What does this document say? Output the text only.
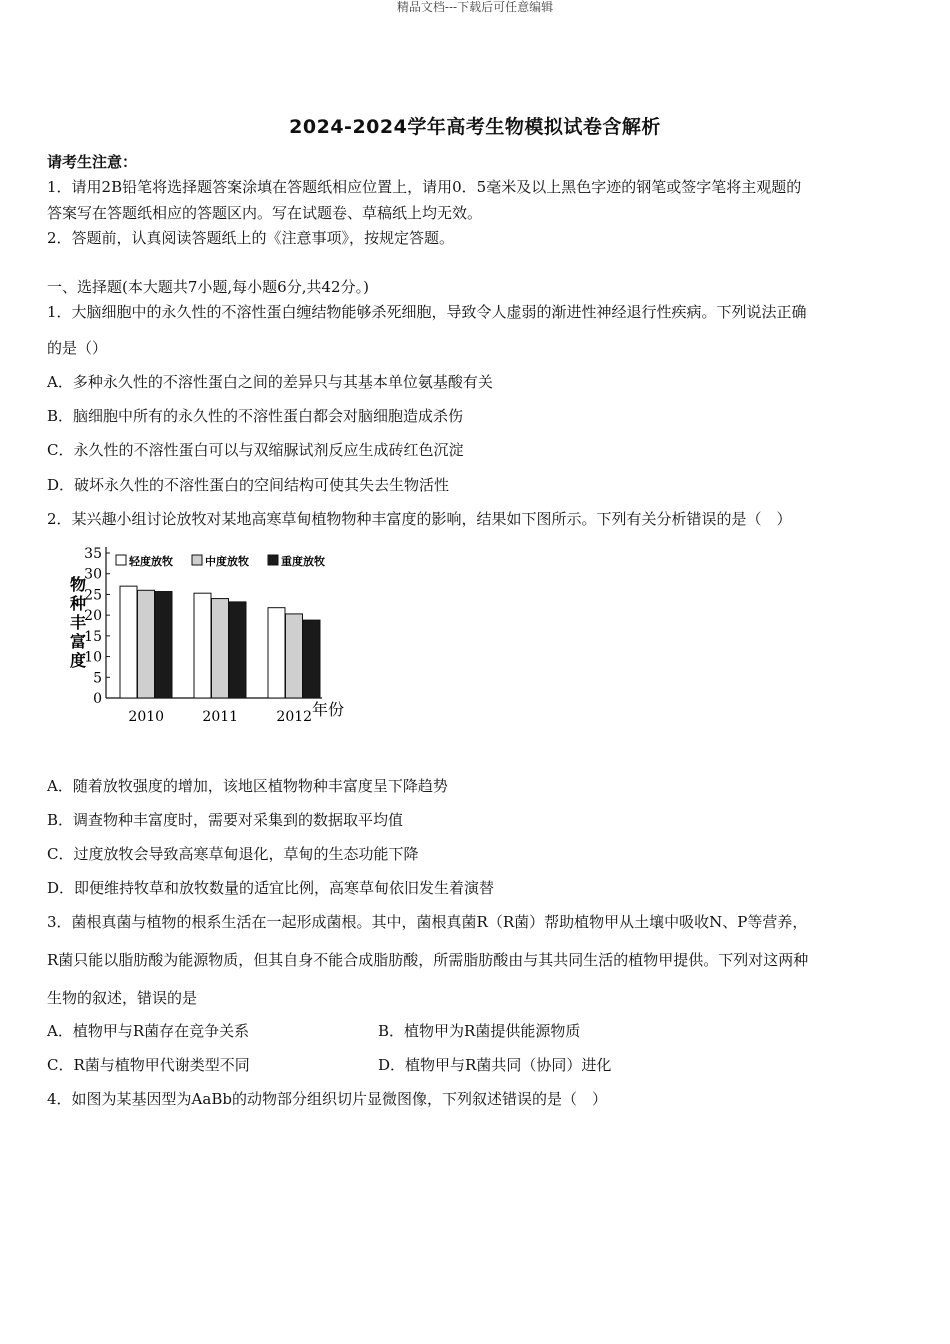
精品文档---下载后可任意编辑
2024-2024学年高考生物模拟试卷含解析
请考生注意：
1．请用2B铅笔将选择题答案涂填在答题纸相应位置上，请用0．5毫米及以上黑色字迹的钢笔或签字笔将主观题的
答案写在答题纸相应的答题区内。写在试题卷、草稿纸上均无效。
2．答题前，认真阅读答题纸上的《注意事项》，按规定答题。
一、选择题(本大题共7小题,每小题6分,共42分。)
1．大脑细胞中的永久性的不溶性蛋白缠结物能够杀死细胞，导致令人虚弱的渐进性神经退行性疾病。下列说法正确
的是（）
A．多种永久性的不溶性蛋白之间的差异只与其基本单位氨基酸有关
B．脑细胞中所有的永久性的不溶性蛋白都会对脑细胞造成杀伤
C．永久性的不溶性蛋白可以与双缩脲试剂反应生成砖红色沉淀
D．破坏永久性的不溶性蛋白的空间结构可使其失去生物活性
2．某兴趣小组讨论放牧对某地高寒草甸植物物种丰富度的影响，结果如下图所示。下列有关分析错误的是（　）
物种丰富度
0
5
10
15
20
25
30
35
2010	2011	2012
轻度放牧	中度放牧	重度放牧
年份
A．随着放牧强度的增加，该地区植物物种丰富度呈下降趋势
B．调查物种丰富度时，需要对采集到的数据取平均值
C．过度放牧会导致高寒草甸退化，草甸的生态功能下降
D．即便维持牧草和放牧数量的适宜比例，高寒草甸依旧发生着演替
3．菌根真菌与植物的根系生活在一起形成菌根。其中，菌根真菌R（R菌）帮助植物甲从土壤中吸收N、P等营养，
R菌只能以脂肪酸为能源物质，但其自身不能合成脂肪酸，所需脂肪酸由与其共同生活的植物甲提供。下列对这两种
生物的叙述，错误的是
A．植物甲与R菌存在竞争关系	B．植物甲为R菌提供能源物质
C．R菌与植物甲代谢类型不同	D．植物甲与R菌共同（协同）进化
4．如图为某基因型为AaBb的动物部分组织切片显微图像，下列叙述错误的是（　）
